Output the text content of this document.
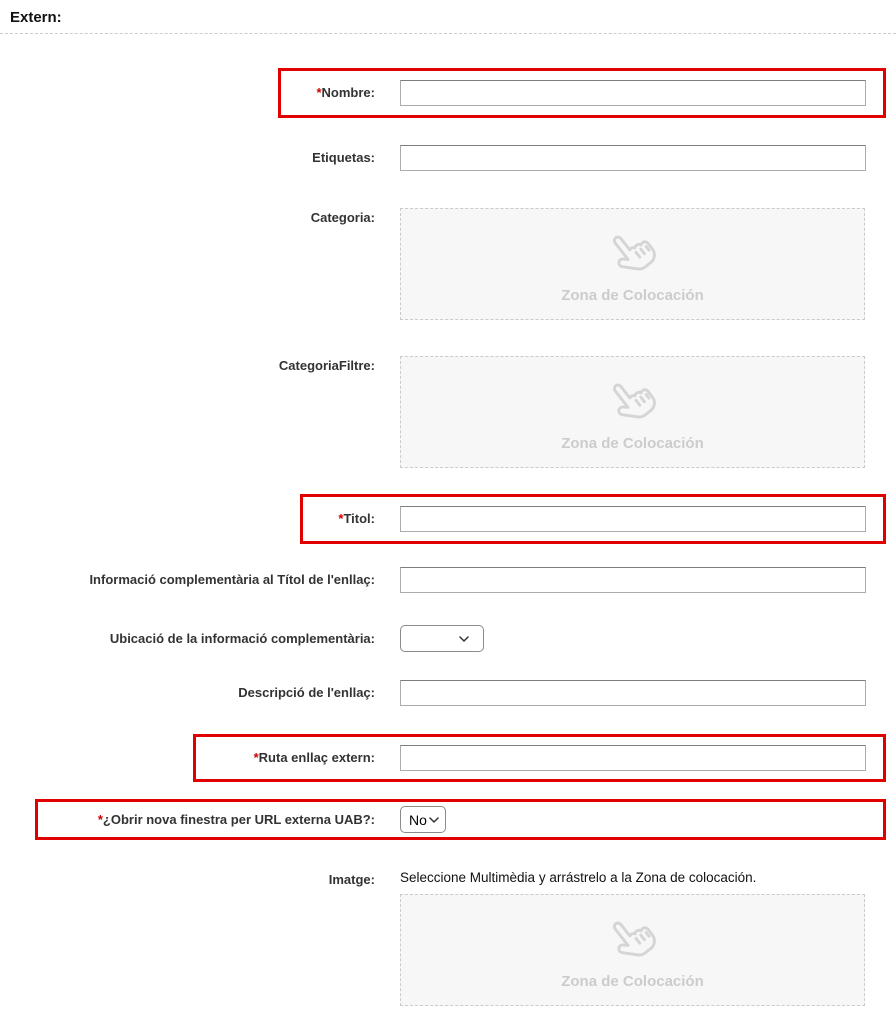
Extern:
*Nombre:
Etiquetas:
Categoria:
Zona de Colocación
CategoriaFiltre:
Zona de Colocación
*Titol:
Informació complementària al Títol de l'enllaç:
Ubicació de la informació complementària:
Descripció de l'enllaç:
*Ruta enllaç extern:
*¿Obrir nova finestra per URL externa UAB?:	No
Imatge:	Seleccione Multimèdia y arrástrelo a la Zona de colocación.
Zona de Colocación
